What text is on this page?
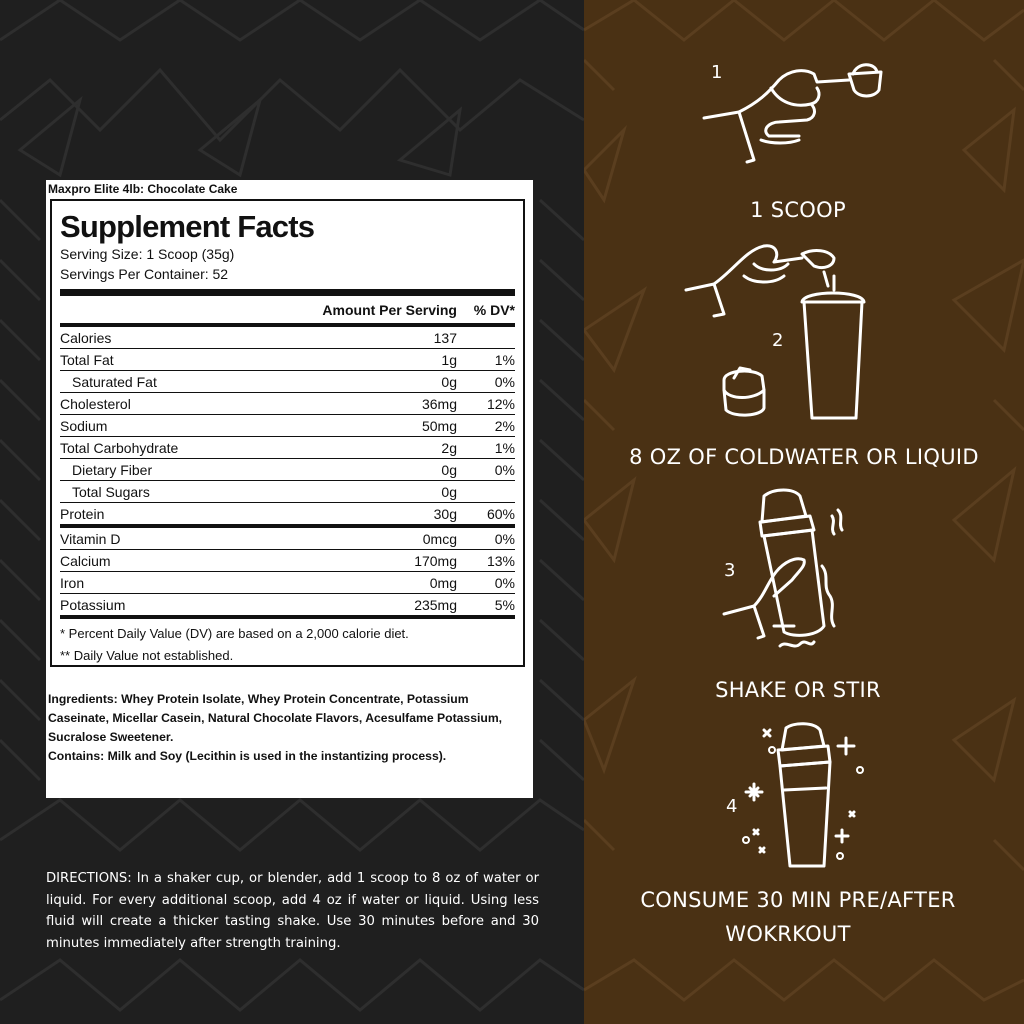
Maxpro Elite 4lb: Chocolate Cake
Supplement Facts
Serving Size: 1 Scoop (35g)
Servings Per Container: 52
Amount Per Serving	% DV*
Calories	137
Total Fat	1g	1%
Saturated Fat	0g	0%
Cholesterol	36mg	12%
Sodium	50mg	2%
Total Carbohydrate	2g	1%
Dietary Fiber	0g	0%
Total Sugars	0g
Protein	30g	60%
Vitamin D	0mcg	0%
Calcium	170mg	13%
Iron	0mg	0%
Potassium	235mg	5%
* Percent Daily Value (DV) are based on a 2,000 calorie diet.
** Daily Value not established.
Ingredients: Whey Protein Isolate, Whey Protein Concentrate, Potassium Caseinate, Micellar Casein, Natural Chocolate Flavors, Acesulfame Potassium, Sucralose Sweetener.
Contains: Milk and Soy (Lecithin is used in the instantizing process).
DIRECTIONS: In a shaker cup, or blender, add 1 scoop to 8 oz of water or liquid. For every additional scoop, add 4 oz if water or liquid. Using less fluid will create a thicker tasting shake. Use 30 minutes before and 30 minutes immediately after strength training.
1
1 SCOOP
2
8 OZ OF COLDWATER OR LIQUID
3
SHAKE OR STIR
4
CONSUME 30 MIN PRE/AFTER
WOKRKOUT
